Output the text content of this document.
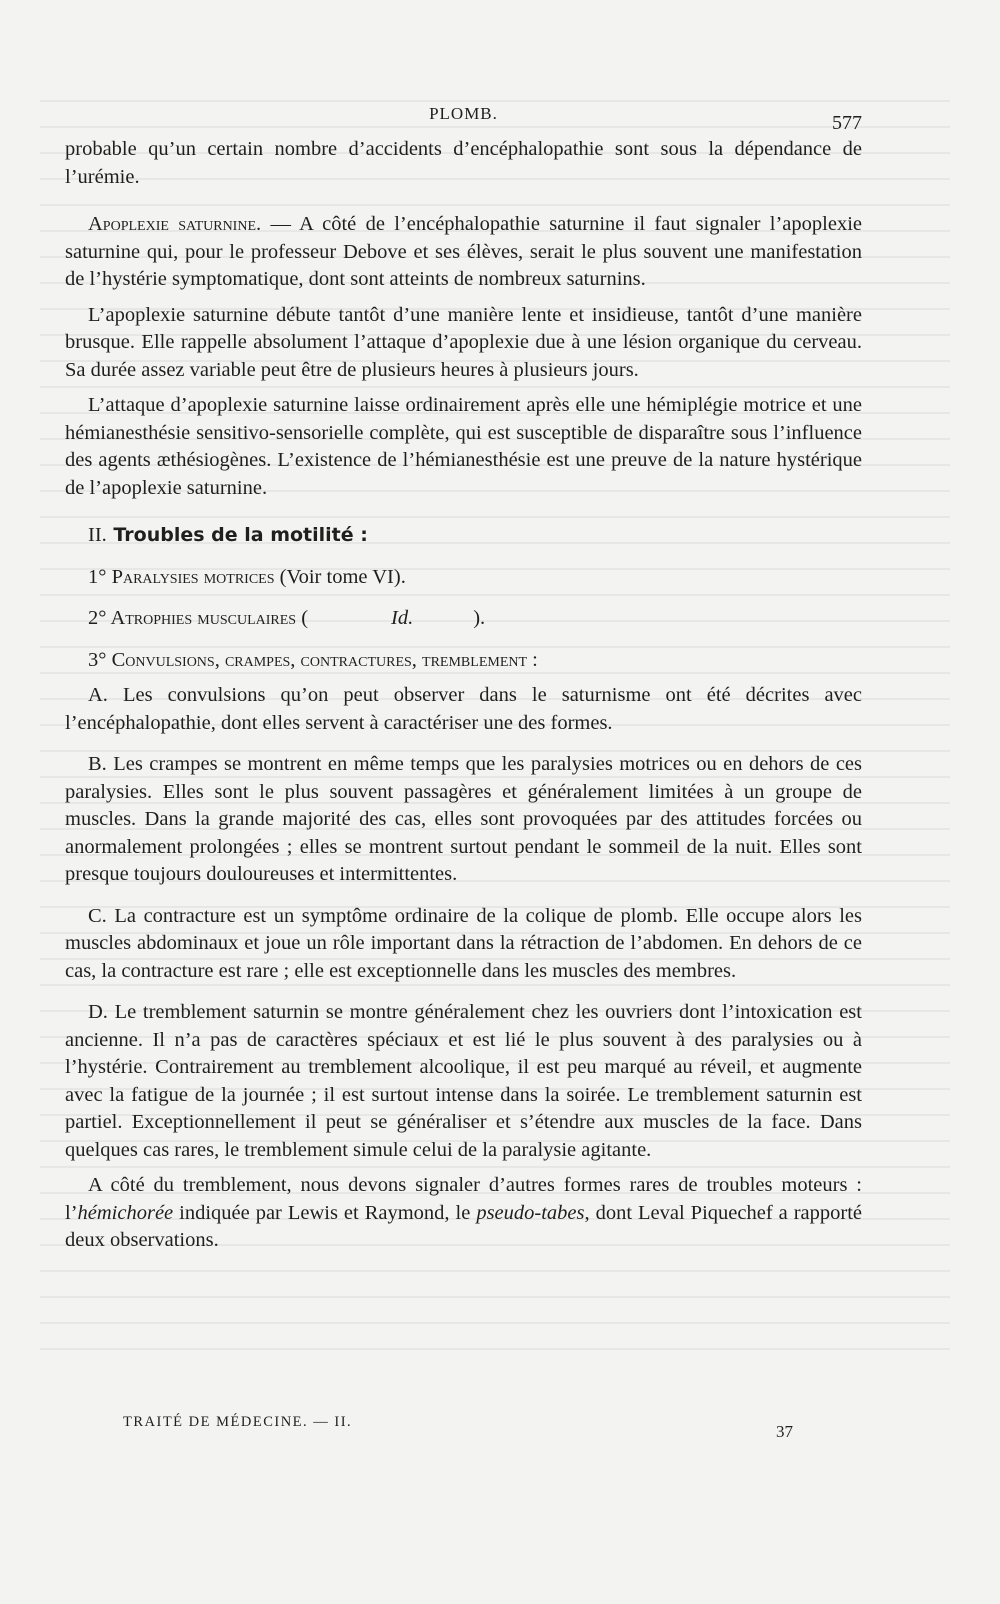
PLOMB.	577

probable qu’un certain nombre d’accidents d’encéphalopathie sont sous la dépendance de l’urémie.

Apoplexie saturnine. — A côté de l’encéphalopathie saturnine il faut signaler l’apoplexie saturnine qui, pour le professeur Debove et ses élèves, serait le plus souvent une manifestation de l’hystérie symptomatique, dont sont atteints de nombreux saturnins.

L’apoplexie saturnine débute tantôt d’une manière lente et insidieuse, tantôt d’une manière brusque. Elle rappelle absolument l’attaque d’apoplexie due à une lésion organique du cerveau. Sa durée assez variable peut être de plusieurs heures à plusieurs jours.

L’attaque d’apoplexie saturnine laisse ordinairement après elle une hémiplégie motrice et une hémianesthésie sensitivo-sensorielle complète, qui est susceptible de disparaître sous l’influence des agents æthésiogènes. L’existence de l’hémianesthésie est une preuve de la nature hystérique de l’apoplexie saturnine.

II. Troubles de la motilité :

1° Paralysies motrices (Voir tome VI).

2° Atrophies musculaires (	Id.	).

3° Convulsions, crampes, contractures, tremblement :

A. Les convulsions qu’on peut observer dans le saturnisme ont été décrites avec l’encéphalopathie, dont elles servent à caractériser une des formes.

B. Les crampes se montrent en même temps que les paralysies motrices ou en dehors de ces paralysies. Elles sont le plus souvent passagères et généralement limitées à un groupe de muscles. Dans la grande majorité des cas, elles sont provoquées par des attitudes forcées ou anormalement prolongées ; elles se montrent surtout pendant le sommeil de la nuit. Elles sont presque toujours douloureuses et intermittentes.

C. La contracture est un symptôme ordinaire de la colique de plomb. Elle occupe alors les muscles abdominaux et joue un rôle important dans la rétraction de l’abdomen. En dehors de ce cas, la contracture est rare ; elle est exceptionnelle dans les muscles des membres.

D. Le tremblement saturnin se montre généralement chez les ouvriers dont l’intoxication est ancienne. Il n’a pas de caractères spéciaux et est lié le plus souvent à des paralysies ou à l’hystérie. Contrairement au tremblement alcoolique, il est peu marqué au réveil, et augmente avec la fatigue de la journée ; il est surtout intense dans la soirée. Le tremblement saturnin est partiel. Exceptionnellement il peut se généraliser et s’étendre aux muscles de la face. Dans quelques cas rares, le tremblement simule celui de la paralysie agitante.

A côté du tremblement, nous devons signaler d’autres formes rares de troubles moteurs : l’hémichorée indiquée par Lewis et Raymond, le pseudo-tabes, dont Leval Piquechef a rapporté deux observations.

TRAITÉ DE MÉDECINE. — II.	37
